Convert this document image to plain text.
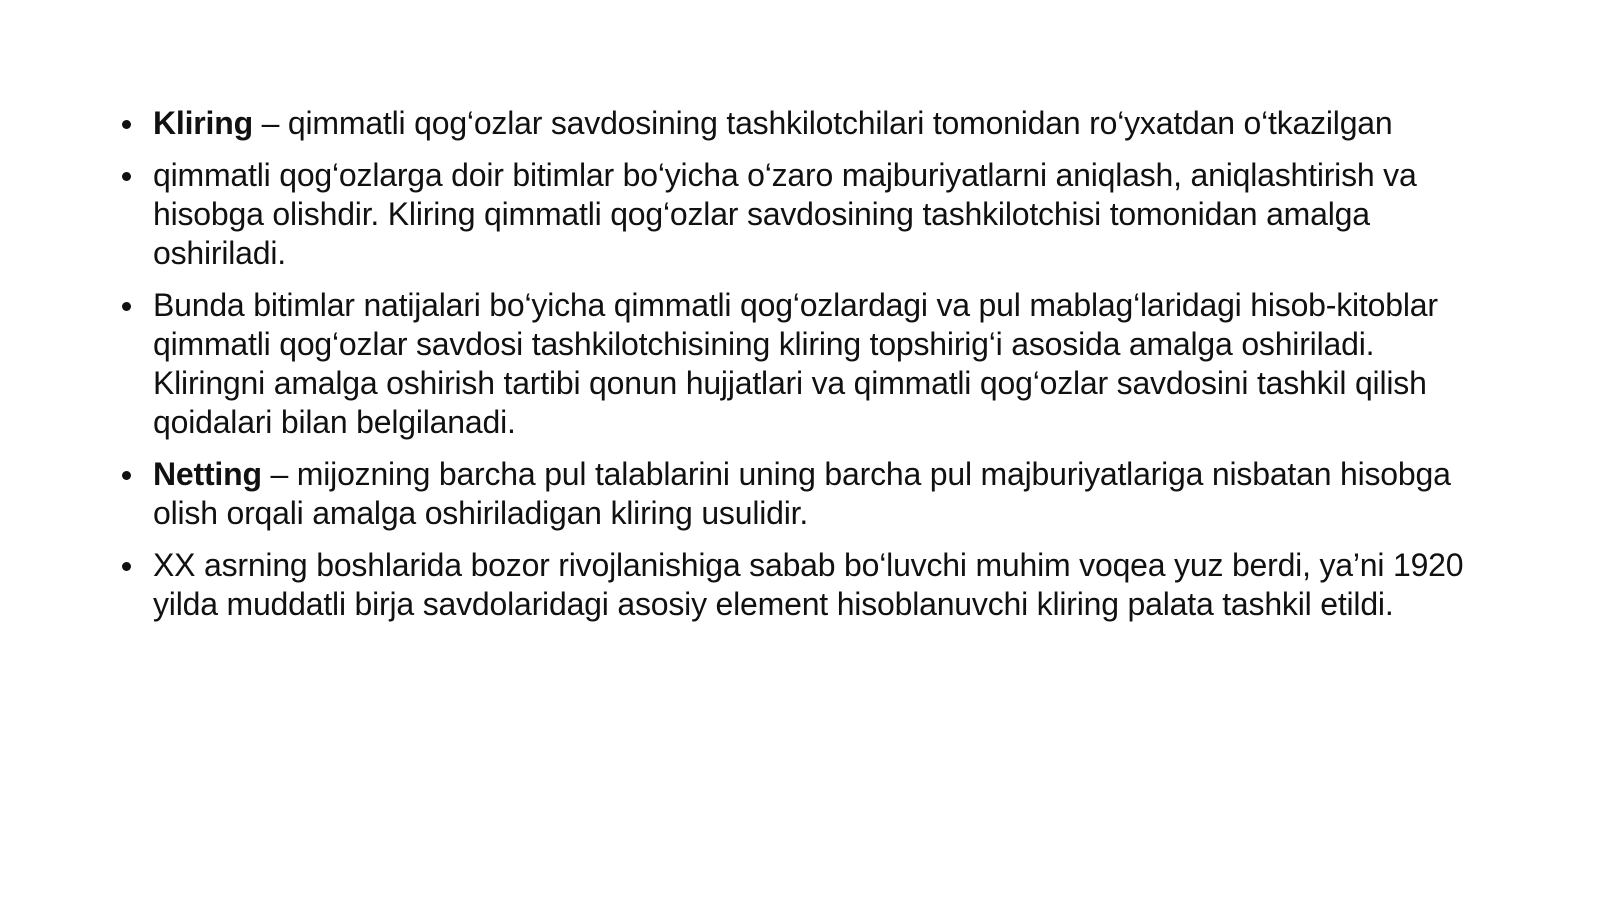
Kliring – qimmatli qog‘ozlar savdosining tashkilotchilari tomonidan ro‘yxatdan o‘tkazilgan
qimmatli qog‘ozlarga doir bitimlar bo‘yicha o‘zaro majburiyatlarni aniqlash, aniqlashtirish va hisobga olishdir. Kliring qimmatli qog‘ozlar savdosining tashkilotchisi tomonidan amalga oshiriladi.
Bunda bitimlar natijalari bo‘yicha qimmatli qog‘ozlardagi va pul mablag‘laridagi hisob-kitoblar qimmatli qog‘ozlar savdosi tashkilotchisining kliring topshirig‘i asosida amalga oshiriladi. Kliringni amalga oshirish tartibi qonun hujjatlari va qimmatli qog‘ozlar savdosini tashkil qilish qoidalari bilan belgilanadi.
Netting – mijozning barcha pul talablarini uning barcha pul majburiyatlariga nisbatan hisobga olish orqali amalga oshiriladigan kliring usulidir.
XX asrning boshlarida bozor rivojlanishiga sabab bo‘luvchi muhim voqea yuz berdi, ya’ni 1920 yilda muddatli birja savdolaridagi asosiy element hisoblanuvchi kliring palata tashkil etildi.
